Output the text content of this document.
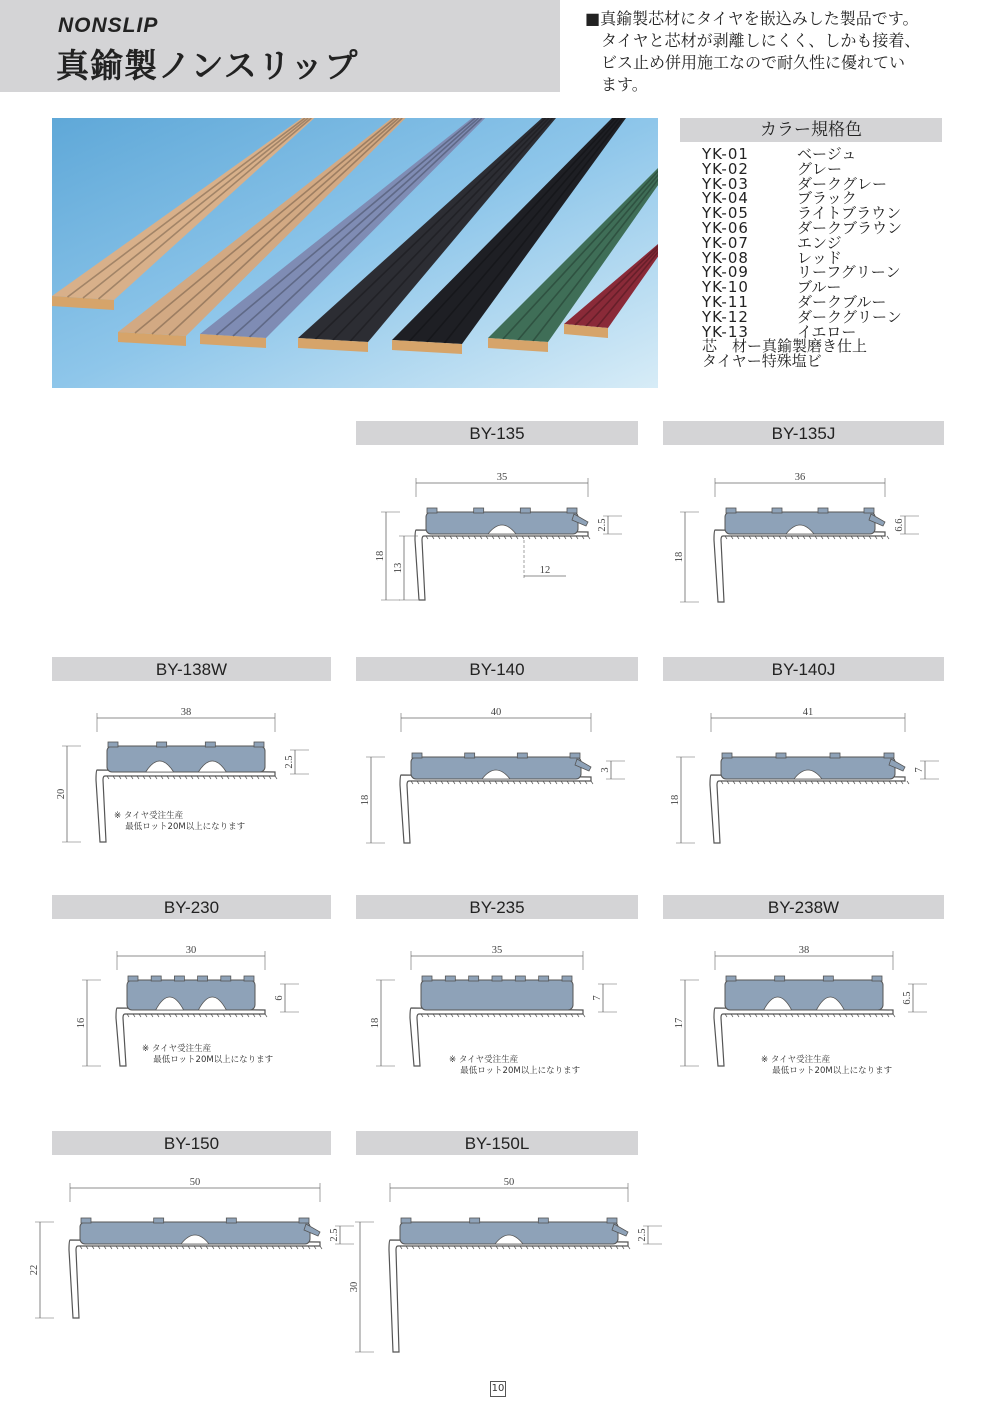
NONSLIP
真鍮製ノンスリップ
■真鍮製芯材にタイヤを嵌込みした製品です。
　タイヤと芯材が剥離しにくく、しかも接着、
　ビス止め併用施工なので耐久性に優れてい
　ます。
カラー規格色
YK-01	ベージュ
YK-02	グレー
YK-03	ダークグレー
YK-04	ブラック
YK-05	ライトブラウン
YK-06	ダークブラウン
YK-07	エンジ
YK-08	レッド
YK-09	リーフグリーン
YK-10	ブルー
YK-11	ダークブルー
YK-12	ダークグリーン
YK-13	イエロー
芯　材ー真鍮製磨き仕上
タイヤー特殊塩ビ
BY-135	BY-135J
BY-138W	BY-140	BY-140J
BY-230	BY-235	BY-238W
BY-150	BY-150L
35
18
2.5
13	12
36
18
6.6
38
20
2.5
40
18
3
41
18
7
30
16
6
35
18
7
38
17
6.5
50
22
2.5
50
30
2.5
※ タイヤ受注生産
　 最低ロット20M以上になります
※ タイヤ受注生産
　 最低ロット20M以上になります	※ タイヤ受注生産
　 最低ロット20M以上になります
※ タイヤ受注生産
　 最低ロット20M以上になります
10
